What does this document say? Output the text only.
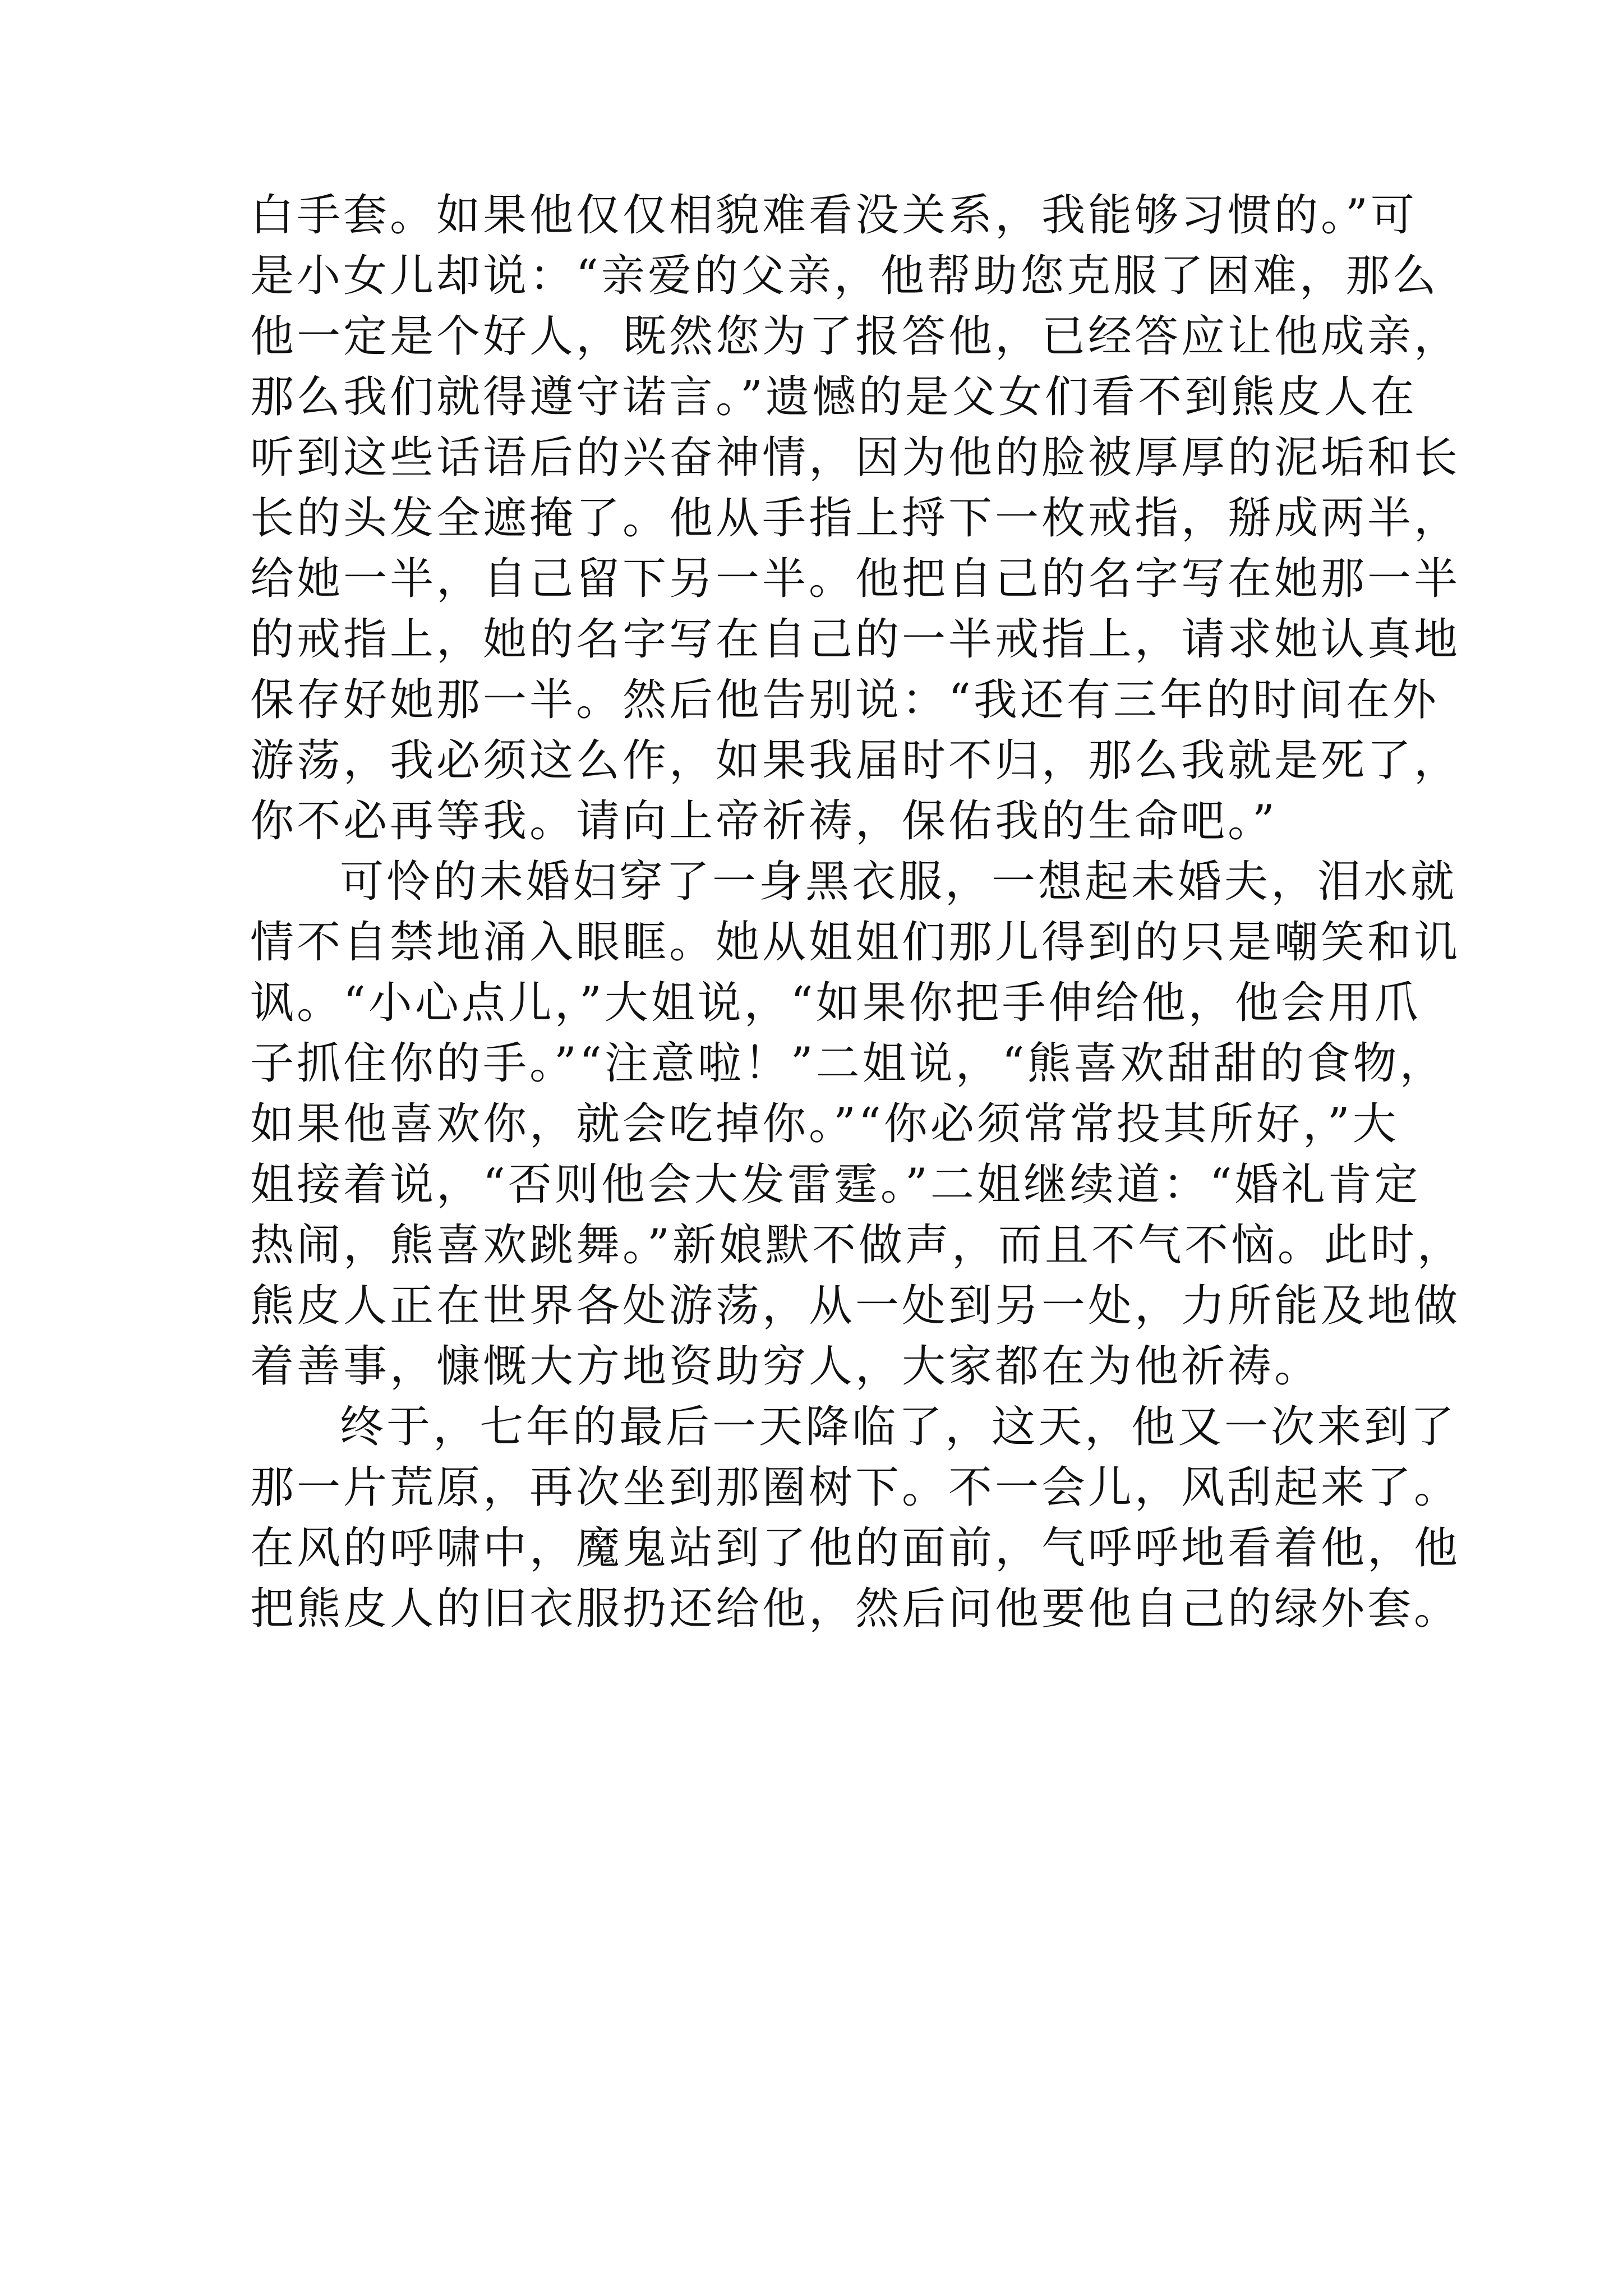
白手套。如果他仅仅相貌难看没关系，我能够习惯的。”可
是小女儿却说：“亲爱的父亲，他帮助您克服了困难，那么
他一定是个好人，既然您为了报答他，已经答应让他成亲，
那么我们就得遵守诺言。”遗憾的是父女们看不到熊皮人在
听到这些话语后的兴奋神情，因为他的脸被厚厚的泥垢和长
长的头发全遮掩了。他从手指上捋下一枚戒指，掰成两半，
给她一半，自己留下另一半。他把自己的名字写在她那一半
的戒指上，她的名字写在自己的一半戒指上，请求她认真地
保存好她那一半。然后他告别说：“我还有三年的时间在外
游荡，我必须这么作，如果我届时不归，那么我就是死了，
你不必再等我。请向上帝祈祷，保佑我的生命吧。”
可怜的未婚妇穿了一身黑衣服，一想起未婚夫，泪水就
情不自禁地涌入眼眶。她从姐姐们那儿得到的只是嘲笑和讥
讽。“小心点儿，”大姐说，“如果你把手伸给他，他会用爪
子抓住你的手。”“注意啦！”二姐说，“熊喜欢甜甜的食物，
如果他喜欢你，就会吃掉你。”“你必须常常投其所好，”大
姐接着说，“否则他会大发雷霆。”二姐继续道：“婚礼肯定
热闹，熊喜欢跳舞。”新娘默不做声，而且不气不恼。此时，
熊皮人正在世界各处游荡，从一处到另一处，力所能及地做
着善事，慷慨大方地资助穷人，大家都在为他祈祷。
终于，七年的最后一天降临了，这天，他又一次来到了
那一片荒原，再次坐到那圈树下。不一会儿，风刮起来了。
在风的呼啸中，魔鬼站到了他的面前，气呼呼地看着他，他
把熊皮人的旧衣服扔还给他，然后问他要他自己的绿外套。
